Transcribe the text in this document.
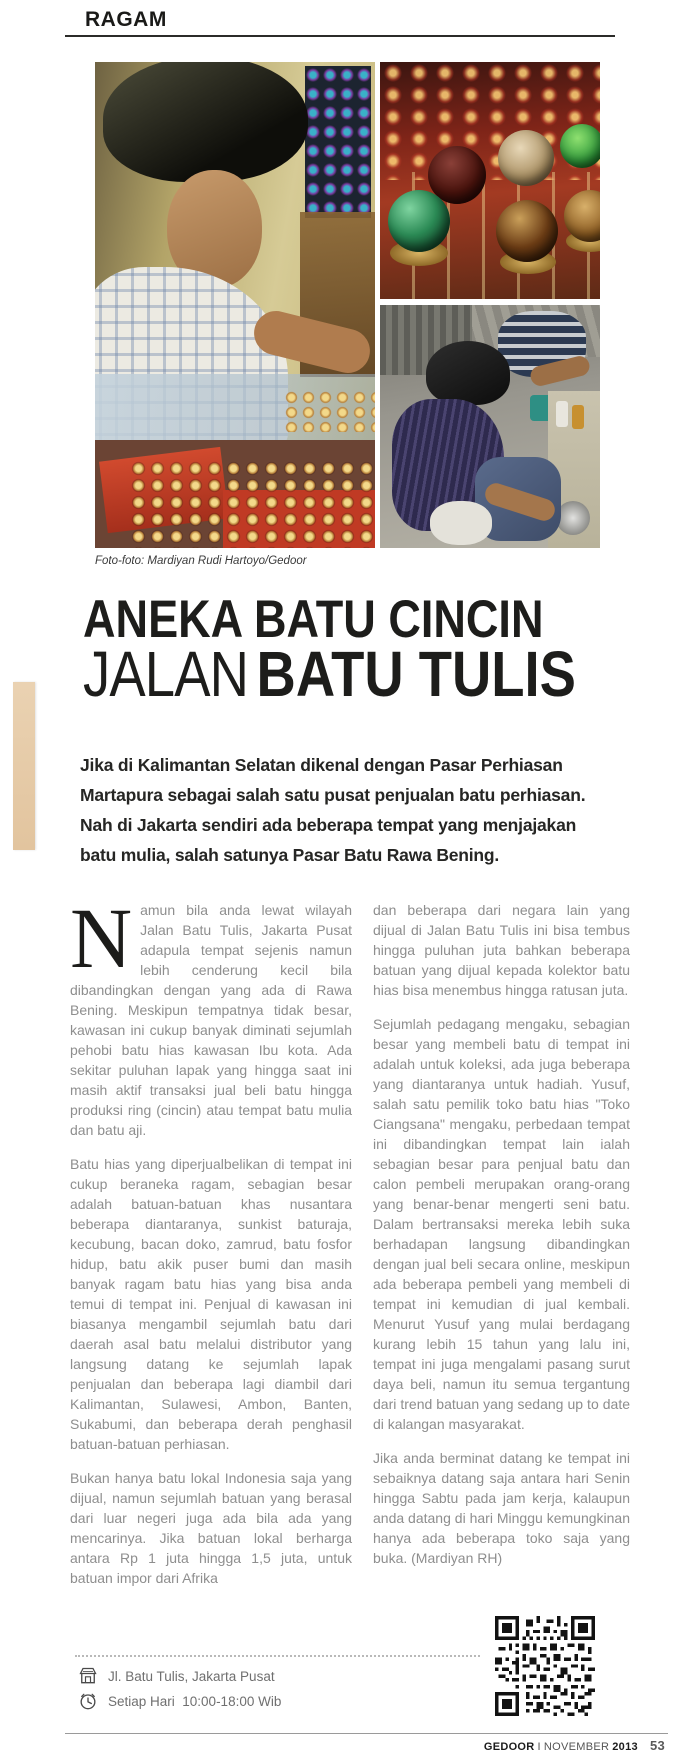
RAGAM
Foto-foto: Mardiyan Rudi Hartoyo/Gedoor
ANEKA BATU CINCIN
JALAN BATU TULIS
Jika di Kalimantan Selatan dikenal dengan Pasar Perhiasan Martapura sebagai salah satu pusat penjualan batu perhiasan. Nah di Jakarta sendiri ada beberapa tempat yang menjajakan batu mulia, salah satunya Pasar Batu Rawa Bening.

Namun bila anda lewat wilayah Jalan Batu Tulis, Jakarta Pusat adapula tempat sejenis namun lebih cenderung kecil bila dibandingkan dengan yang ada di Rawa Bening. Meskipun tempatnya tidak besar, kawasan ini cukup banyak diminati sejumlah pehobi batu hias kawasan Ibu kota. Ada sekitar puluhan lapak yang hingga saat ini masih aktif transaksi jual beli batu hingga produksi ring (cincin) atau tempat batu mulia dan batu aji.

Batu hias yang diperjualbelikan di tempat ini cukup beraneka ragam, sebagian besar adalah batuan-batuan khas nusantara beberapa diantaranya, sunkist baturaja, kecubung, bacan doko, zamrud, batu fosfor hidup, batu akik puser bumi dan masih banyak ragam batu hias yang bisa anda temui di tempat ini. Penjual di kawasan ini biasanya mengambil sejumlah batu dari daerah asal batu melalui distributor yang langsung datang ke sejumlah lapak penjualan dan beberapa lagi diambil dari Kalimantan, Sulawesi, Ambon, Banten, Sukabumi, dan beberapa derah penghasil batuan-batuan perhiasan.

Bukan hanya batu lokal Indonesia saja yang dijual, namun sejumlah batuan yang berasal dari luar negeri juga ada bila ada yang mencarinya. Jika batuan lokal berharga antara Rp 1 juta hingga 1,5 juta, untuk batuan impor dari Afrika

dan beberapa dari negara lain yang dijual di Jalan Batu Tulis ini bisa tembus hingga puluhan juta bahkan beberapa batuan yang dijual kepada kolektor batu hias bisa menembus hingga ratusan juta.

Sejumlah pedagang mengaku, sebagian besar yang membeli batu di tempat ini adalah untuk koleksi, ada juga beberapa yang diantaranya untuk hadiah. Yusuf, salah satu pemilik toko batu hias "Toko Ciangsana" mengaku, perbedaan tempat ini dibandingkan tempat lain ialah sebagian besar para penjual batu dan calon pembeli merupakan orang-orang yang benar-benar mengerti seni batu. Dalam bertransaksi mereka lebih suka berhadapan langsung dibandingkan dengan jual beli secara online, meskipun ada beberapa pembeli yang membeli di tempat ini kemudian di jual kembali. Menurut Yusuf yang mulai berdagang kurang lebih 15 tahun yang lalu ini, tempat ini juga mengalami pasang surut daya beli, namun itu semua tergantung dari trend batuan yang sedang up to date di kalangan masyarakat.

Jika anda berminat datang ke tempat ini sebaiknya datang saja antara hari Senin hingga Sabtu pada jam kerja, kalaupun anda datang di hari Minggu kemungkinan hanya ada beberapa toko saja yang buka. (Mardiyan RH)

Jl. Batu Tulis, Jakarta Pusat
Setiap Hari  10:00-18:00 Wib
GEDOOR I NOVEMBER 2013 53
